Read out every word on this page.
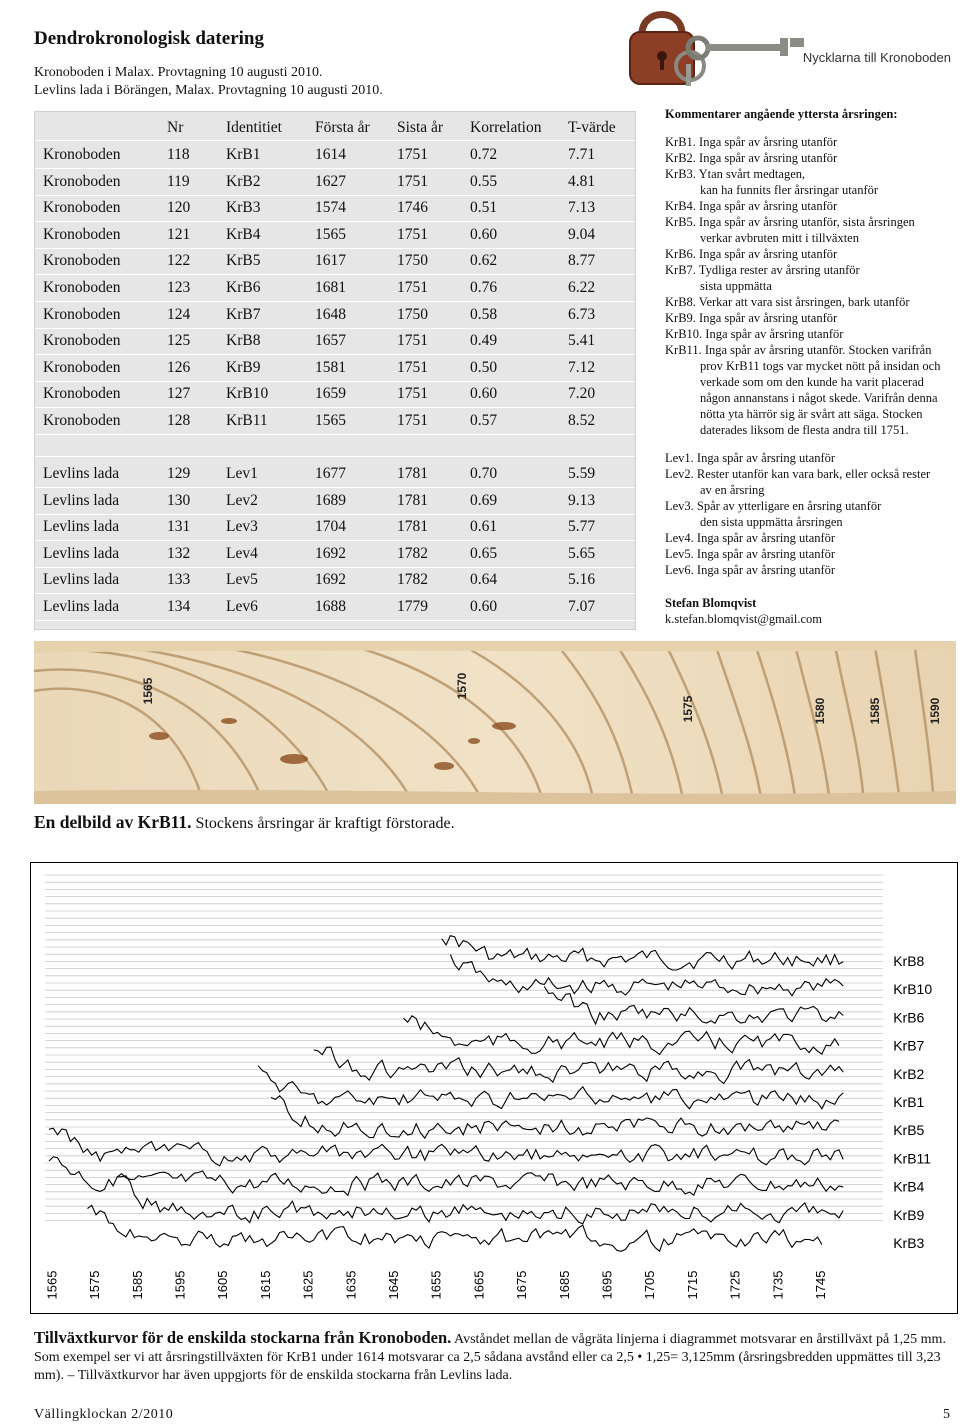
Dendrokronologisk datering
Kronoboden i Malax. Provtagning 10 augusti 2010.
Levlins lada i Börängen, Malax. Provtagning 10 augusti 2010.
Nycklarna till Kronoboden
Nr	Identitiet Första år Sista år Korrelation T-värde
Kronoboden	118 KrB1	1614	1751	0.72	7.71
Kronoboden	119 KrB2	1627	1751	0.55	4.81
Kronoboden	120 KrB3	1574	1746	0.51	7.13
Kronoboden	121 KrB4	1565	1751	0.60	9.04
Kronoboden	122 KrB5	1617	1750	0.62	8.77
Kronoboden	123 KrB6	1681	1751	0.76	6.22
Kronoboden	124 KrB7	1648	1750	0.58	6.73
Kronoboden	125 KrB8	1657	1751	0.49	5.41
Kronoboden	126 KrB9	1581	1751	0.50	7.12
Kronoboden	127 KrB10	1659	1751	0.60	7.20
Kronoboden	128 KrB11	1565	1751	0.57	8.52
Levlins lada	129 Lev1	1677	1781	0.70	5.59
Levlins lada	130 Lev2	1689	1781	0.69	9.13
Levlins lada	131 Lev3	1704	1781	0.61	5.77
Levlins lada	132 Lev4	1692	1782	0.65	5.65
Levlins lada	133 Lev5	1692	1782	0.64	5.16
Levlins lada	134 Lev6	1688	1779	0.60	7.07
Kommentarer angående yttersta årsringen:
KrB1. Inga spår av årsring utanför
KrB2. Inga spår av årsring utanför
KrB3. Ytan svårt medtagen,
kan ha funnits fler årsringar utanför
KrB4. Inga spår av årsring utanför
KrB5. Inga spår av årsring utanför, sista årsringen
verkar avbruten mitt i tillväxten
KrB6. Inga spår av årsring utanför
KrB7. Tydliga rester av årsring utanför
sista uppmätta
KrB8. Verkar att vara sist årsringen, bark utanför
KrB9. Inga spår av årsring utanför
KrB10. Inga spår av årsring utanför
KrB11. Inga spår av årsring utanför. Stocken varifrån
prov KrB11 togs var mycket nött på insidan och
verkade som om den kunde ha varit placerad
någon annanstans i något skede. Varifrån denna
nötta yta härrör sig är svårt att säga. Stocken
daterades liksom de flesta andra till 1751.
Lev1. Inga spår av årsring utanför
Lev2. Rester utanför kan vara bark, eller också rester
av en årsring
Lev3. Spår av ytterligare en årsring utanför
den sista uppmätta årsringen
Lev4. Inga spår av årsring utanför
Lev5. Inga spår av årsring utanför
Lev6. Inga spår av årsring utanför
Stefan Blomqvist
k.stefan.blomqvist@gmail.com
1565	1570
1575	1580	1585	1590
En delbild av KrB11. Stockens årsringar är kraftigt förstorade.
1565 1575 1585 1595 1605 1615 1625 1635 1645 1655 1665 1675 1685 1695 1705 1715 1725 1735 1745
KrB8
KrB10
KrB6
KrB7
KrB2
KrB1
KrB5
KrB11
KrB4
KrB9
KrB3
Tillväxtkurvor för de enskilda stockarna från Kronoboden. Avståndet mellan de vågräta linjerna i diagrammet motsvarar en årstillväxt på 1,25 mm. Som exempel ser vi att årsringstillväxten för KrB1 under 1614 motsvarar ca 2,5 sådana avstånd eller ca 2,5 • 1,25= 3,125mm (årsringsbredden uppmättes till 3,23 mm). – Tillväxtkurvor har även uppgjorts för de enskilda stockarna från Levlins lada.
Vällingklockan 2/2010	5
